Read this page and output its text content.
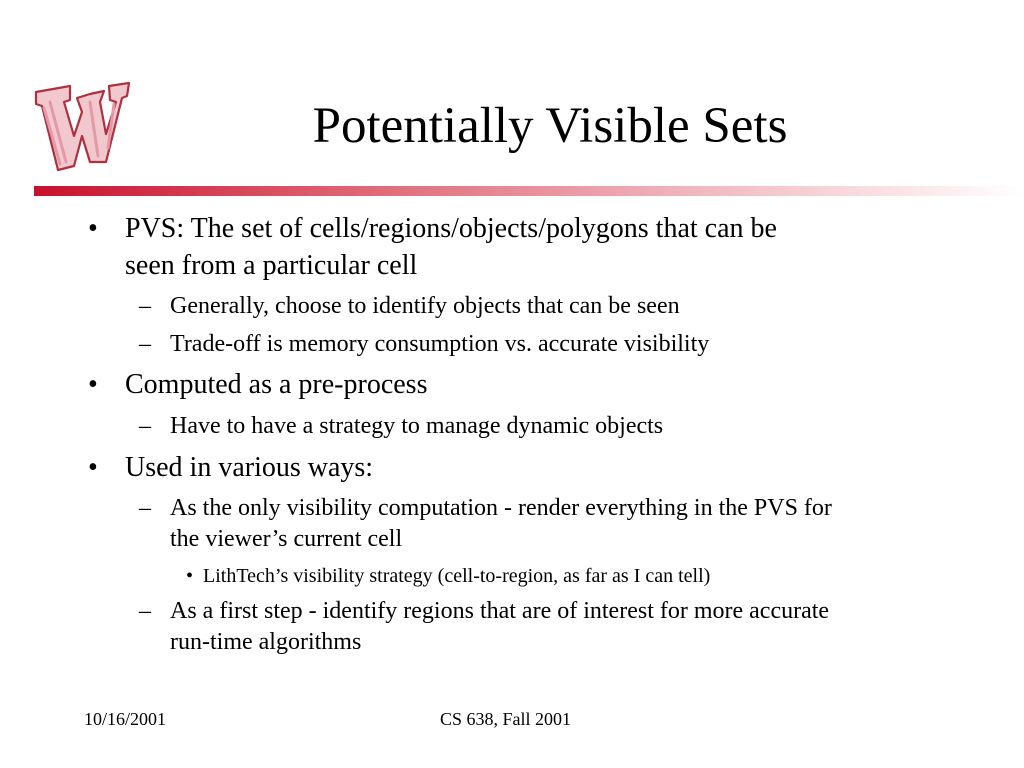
Potentially Visible Sets
• PVS: The set of cells/regions/objects/polygons that can be
seen from a particular cell
– Generally, choose to identify objects that can be seen
– Trade-off is memory consumption vs. accurate visibility
• Computed as a pre-process
– Have to have a strategy to manage dynamic objects
• Used in various ways:
– As the only visibility computation - render everything in the PVS for
the viewer’s current cell
• LithTech’s visibility strategy (cell-to-region, as far as I can tell)
– As a first step - identify regions that are of interest for more accurate
run-time algorithms
10/16/2001	CS 638, Fall 2001
